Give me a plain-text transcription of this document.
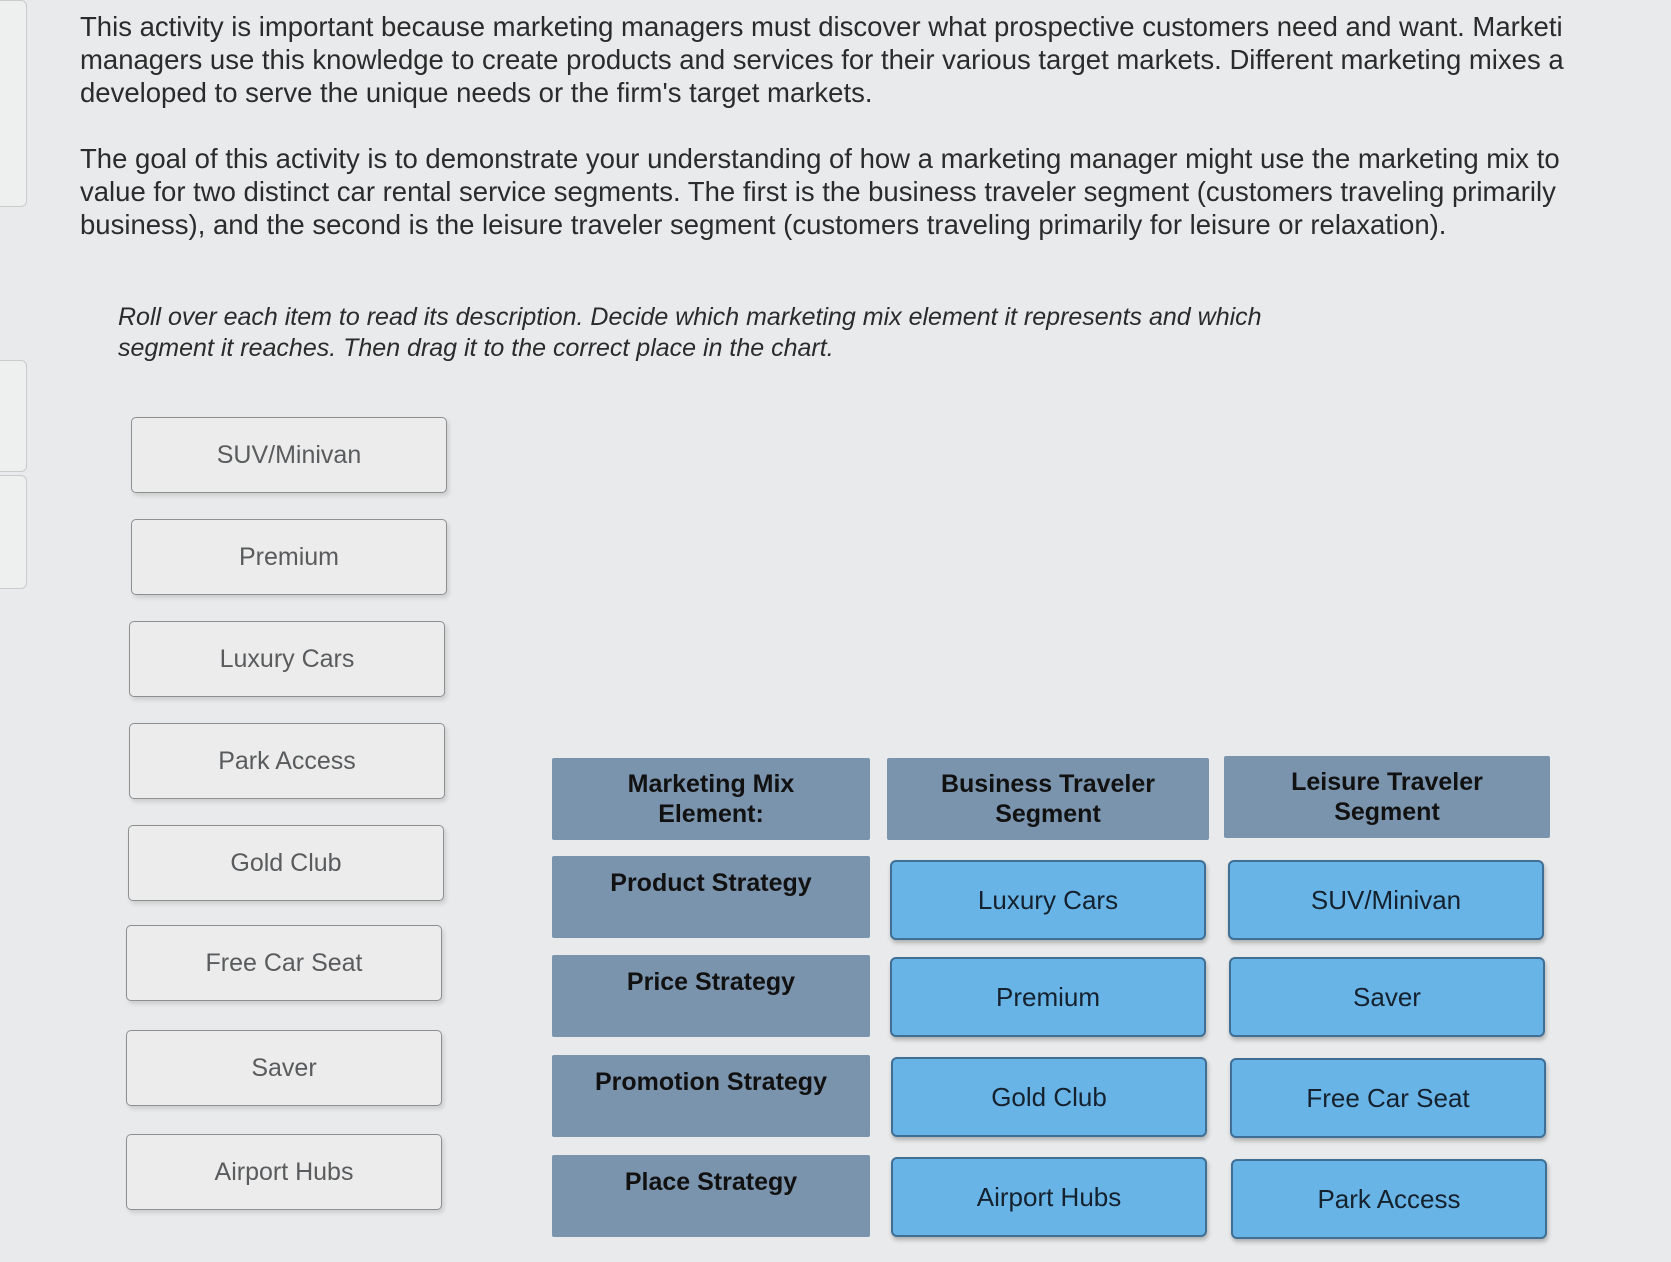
This activity is important because marketing managers must discover what prospective customers need and want. Marketi
managers use this knowledge to create products and services for their various target markets. Different marketing mixes a
developed to serve the unique needs or the firm's target markets.
The goal of this activity is to demonstrate your understanding of how a marketing manager might use the marketing mix to
value for two distinct car rental service segments. The first is the business traveler segment (customers traveling primarily
business), and the second is the leisure traveler segment (customers traveling primarily for leisure or relaxation).
Roll over each item to read its description. Decide which marketing mix element it represents and which
segment it reaches. Then drag it to the correct place in the chart.
SUV/Minivan
Premium
Luxury Cars
Park Access
Gold Club
Free Car Seat
Saver
Airport Hubs
Marketing Mix
Element:
Business Traveler
Segment
Leisure Traveler
Segment
Product Strategy
Price Strategy
Promotion Strategy
Place Strategy
Luxury Cars
Premium
Gold Club
Airport Hubs
SUV/Minivan
Saver
Free Car Seat
Park Access
